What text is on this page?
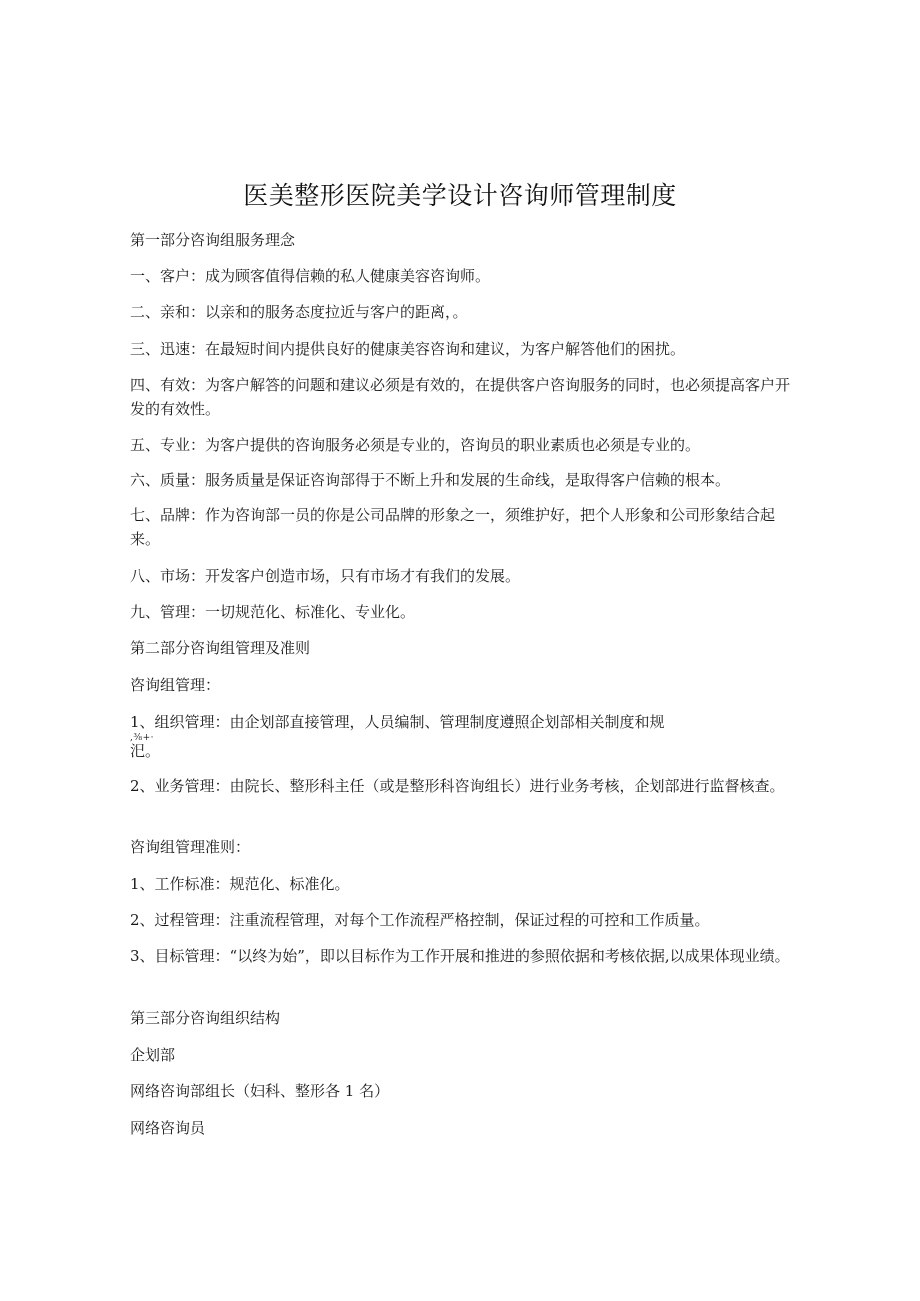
医美整形医院美学设计咨询师管理制度

第一部分咨询组服务理念

一、客户：成为顾客值得信赖的私人健康美容咨询师。

二、亲和：以亲和的服务态度拉近与客户的距离，。

三、迅速：在最短时间内提供良好的健康美容咨询和建议，为客户解答他们的困扰。

四、有效：为客户解答的问题和建议必须是有效的，在提供客户咨询服务的同时，也必须提高客户开发的有效性。

五、专业：为客户提供的咨询服务必须是专业的，咨询员的职业素质也必须是专业的。

六、质量：服务质量是保证咨询部得于不断上升和发展的生命线，是取得客户信赖的根本。

七、品牌：作为咨询部一员的你是公司品牌的形象之一，须维护好，把个人形象和公司形象结合起来。

八、市场：开发客户创造市场，只有市场才有我们的发展。

九、管理：一切规范化、标准化、专业化。

第二部分咨询组管理及准则

咨询组管理：

1、组织管理：由企划部直接管理，人员编制、管理制度遵照企划部相关制度和规
,⅜+·
汜。

2、业务管理：由院长、整形科主任（或是整形科咨询组长）进行业务考核，企划部进行监督核查。

咨询组管理准则：

1、工作标准：规范化、标准化。

2、过程管理：注重流程管理，对每个工作流程严格控制，保证过程的可控和工作质量。

3、目标管理：“以终为始”，即以目标作为工作开展和推进的参照依据和考核依据,以成果体现业绩。

第三部分咨询组织结构

企划部

网络咨询部组长（妇科、整形各 1 名）

网络咨询员
